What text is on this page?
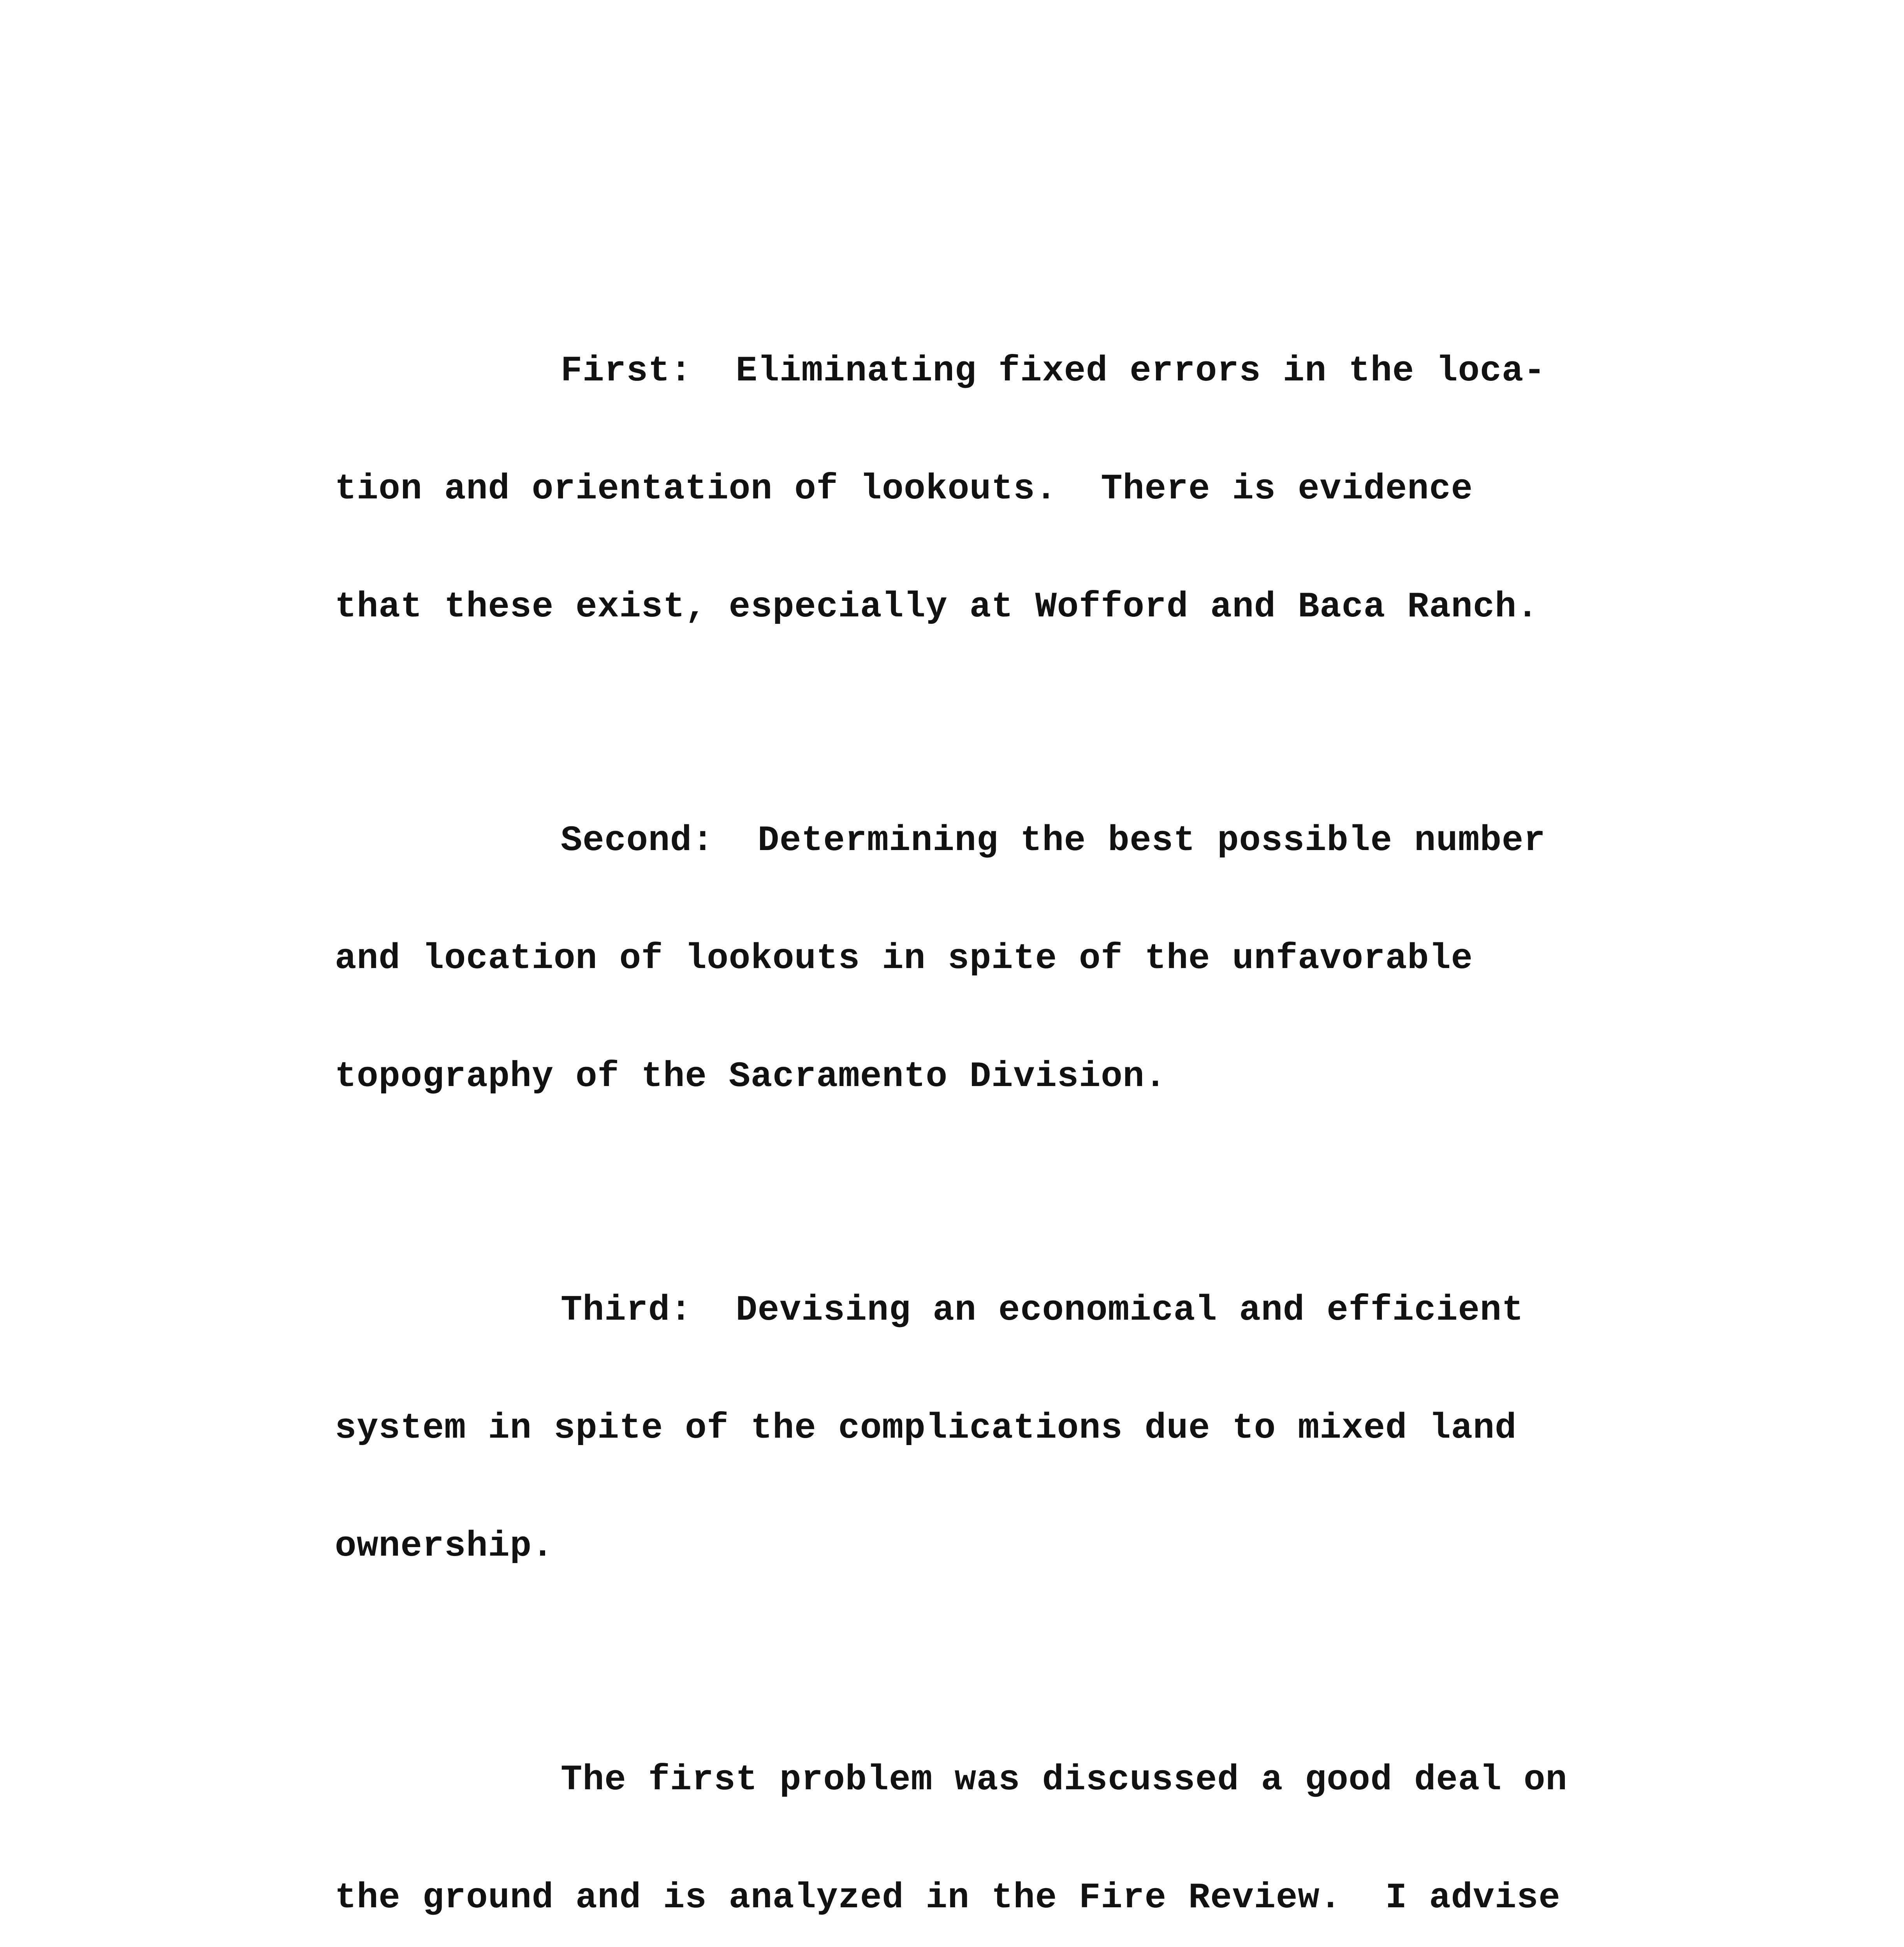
First:  Eliminating fixed errors in the loca-

tion and orientation of lookouts.  There is evidence

that these exist, especially at Wofford and Baca Ranch.

Second:  Determining the best possible number

and location of lookouts in spite of the unfavorable

topography of the Sacramento Division.

Third:  Devising an economical and efficient

system in spite of the complications due to mixed land

ownership.

The first problem was discussed a good deal on

the ground and is analyzed in the Fire Review.  I advise
